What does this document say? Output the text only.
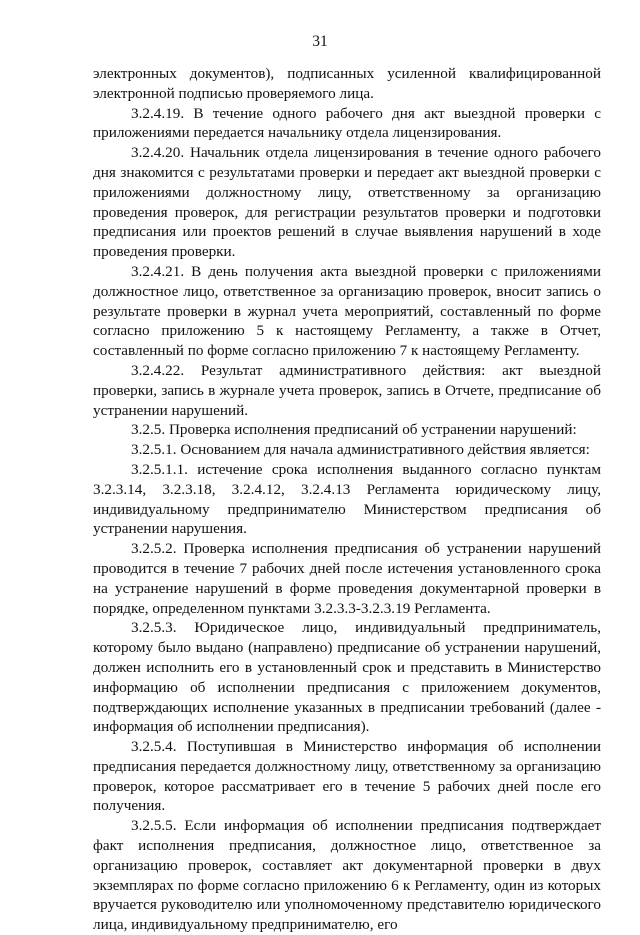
31

электронных документов), подписанных усиленной квалифицированной электронной подписью проверяемого лица.

3.2.4.19. В течение одного рабочего дня акт выездной проверки с приложениями передается начальнику отдела лицензирования.

3.2.4.20. Начальник отдела лицензирования в течение одного рабочего дня знакомится с результатами проверки и передает акт выездной проверки с приложениями должностному лицу, ответственному за организацию проведения проверок, для регистрации результатов проверки и подготовки предписания или проектов решений в случае выявления нарушений в ходе проведения проверки.

3.2.4.21. В день получения акта выездной проверки с приложениями должностное лицо, ответственное за организацию проверок, вносит запись о результате проверки в журнал учета мероприятий, составленный по форме согласно приложению 5 к настоящему Регламенту, а также в Отчет, составленный по форме согласно приложению 7 к настоящему Регламенту.

3.2.4.22. Результат административного действия: акт выездной проверки, запись в журнале учета проверок, запись в Отчете, предписание об устранении нарушений.

3.2.5. Проверка исполнения предписаний об устранении нарушений:

3.2.5.1. Основанием для начала административного действия является:

3.2.5.1.1. истечение срока исполнения выданного согласно пунктам 3.2.3.14, 3.2.3.18, 3.2.4.12, 3.2.4.13 Регламента юридическому лицу, индивидуальному предпринимателю Министерством предписания об устранении нарушения.

3.2.5.2. Проверка исполнения предписания об устранении нарушений проводится в течение 7 рабочих дней после истечения установленного срока на устранение нарушений в форме проведения документарной проверки в порядке, определенном пунктами 3.2.3.3-3.2.3.19 Регламента.

3.2.5.3. Юридическое лицо, индивидуальный предприниматель, которому было выдано (направлено) предписание об устранении нарушений, должен исполнить его в установленный срок и представить в Министерство информацию об исполнении предписания с приложением документов, подтверждающих исполнение указанных в предписании требований (далее - информация об исполнении предписания).

3.2.5.4. Поступившая в Министерство информация об исполнении предписания передается должностному лицу, ответственному за организацию проверок, которое рассматривает его в течение 5 рабочих дней после его получения.

3.2.5.5. Если информация об исполнении предписания подтверждает факт исполнения предписания, должностное лицо, ответственное за организацию проверок, составляет акт документарной проверки в двух экземплярах по форме согласно приложению 6 к Регламенту, один из которых вручается руководителю или уполномоченному представителю юридического лица, индивидуальному предпринимателю, его
